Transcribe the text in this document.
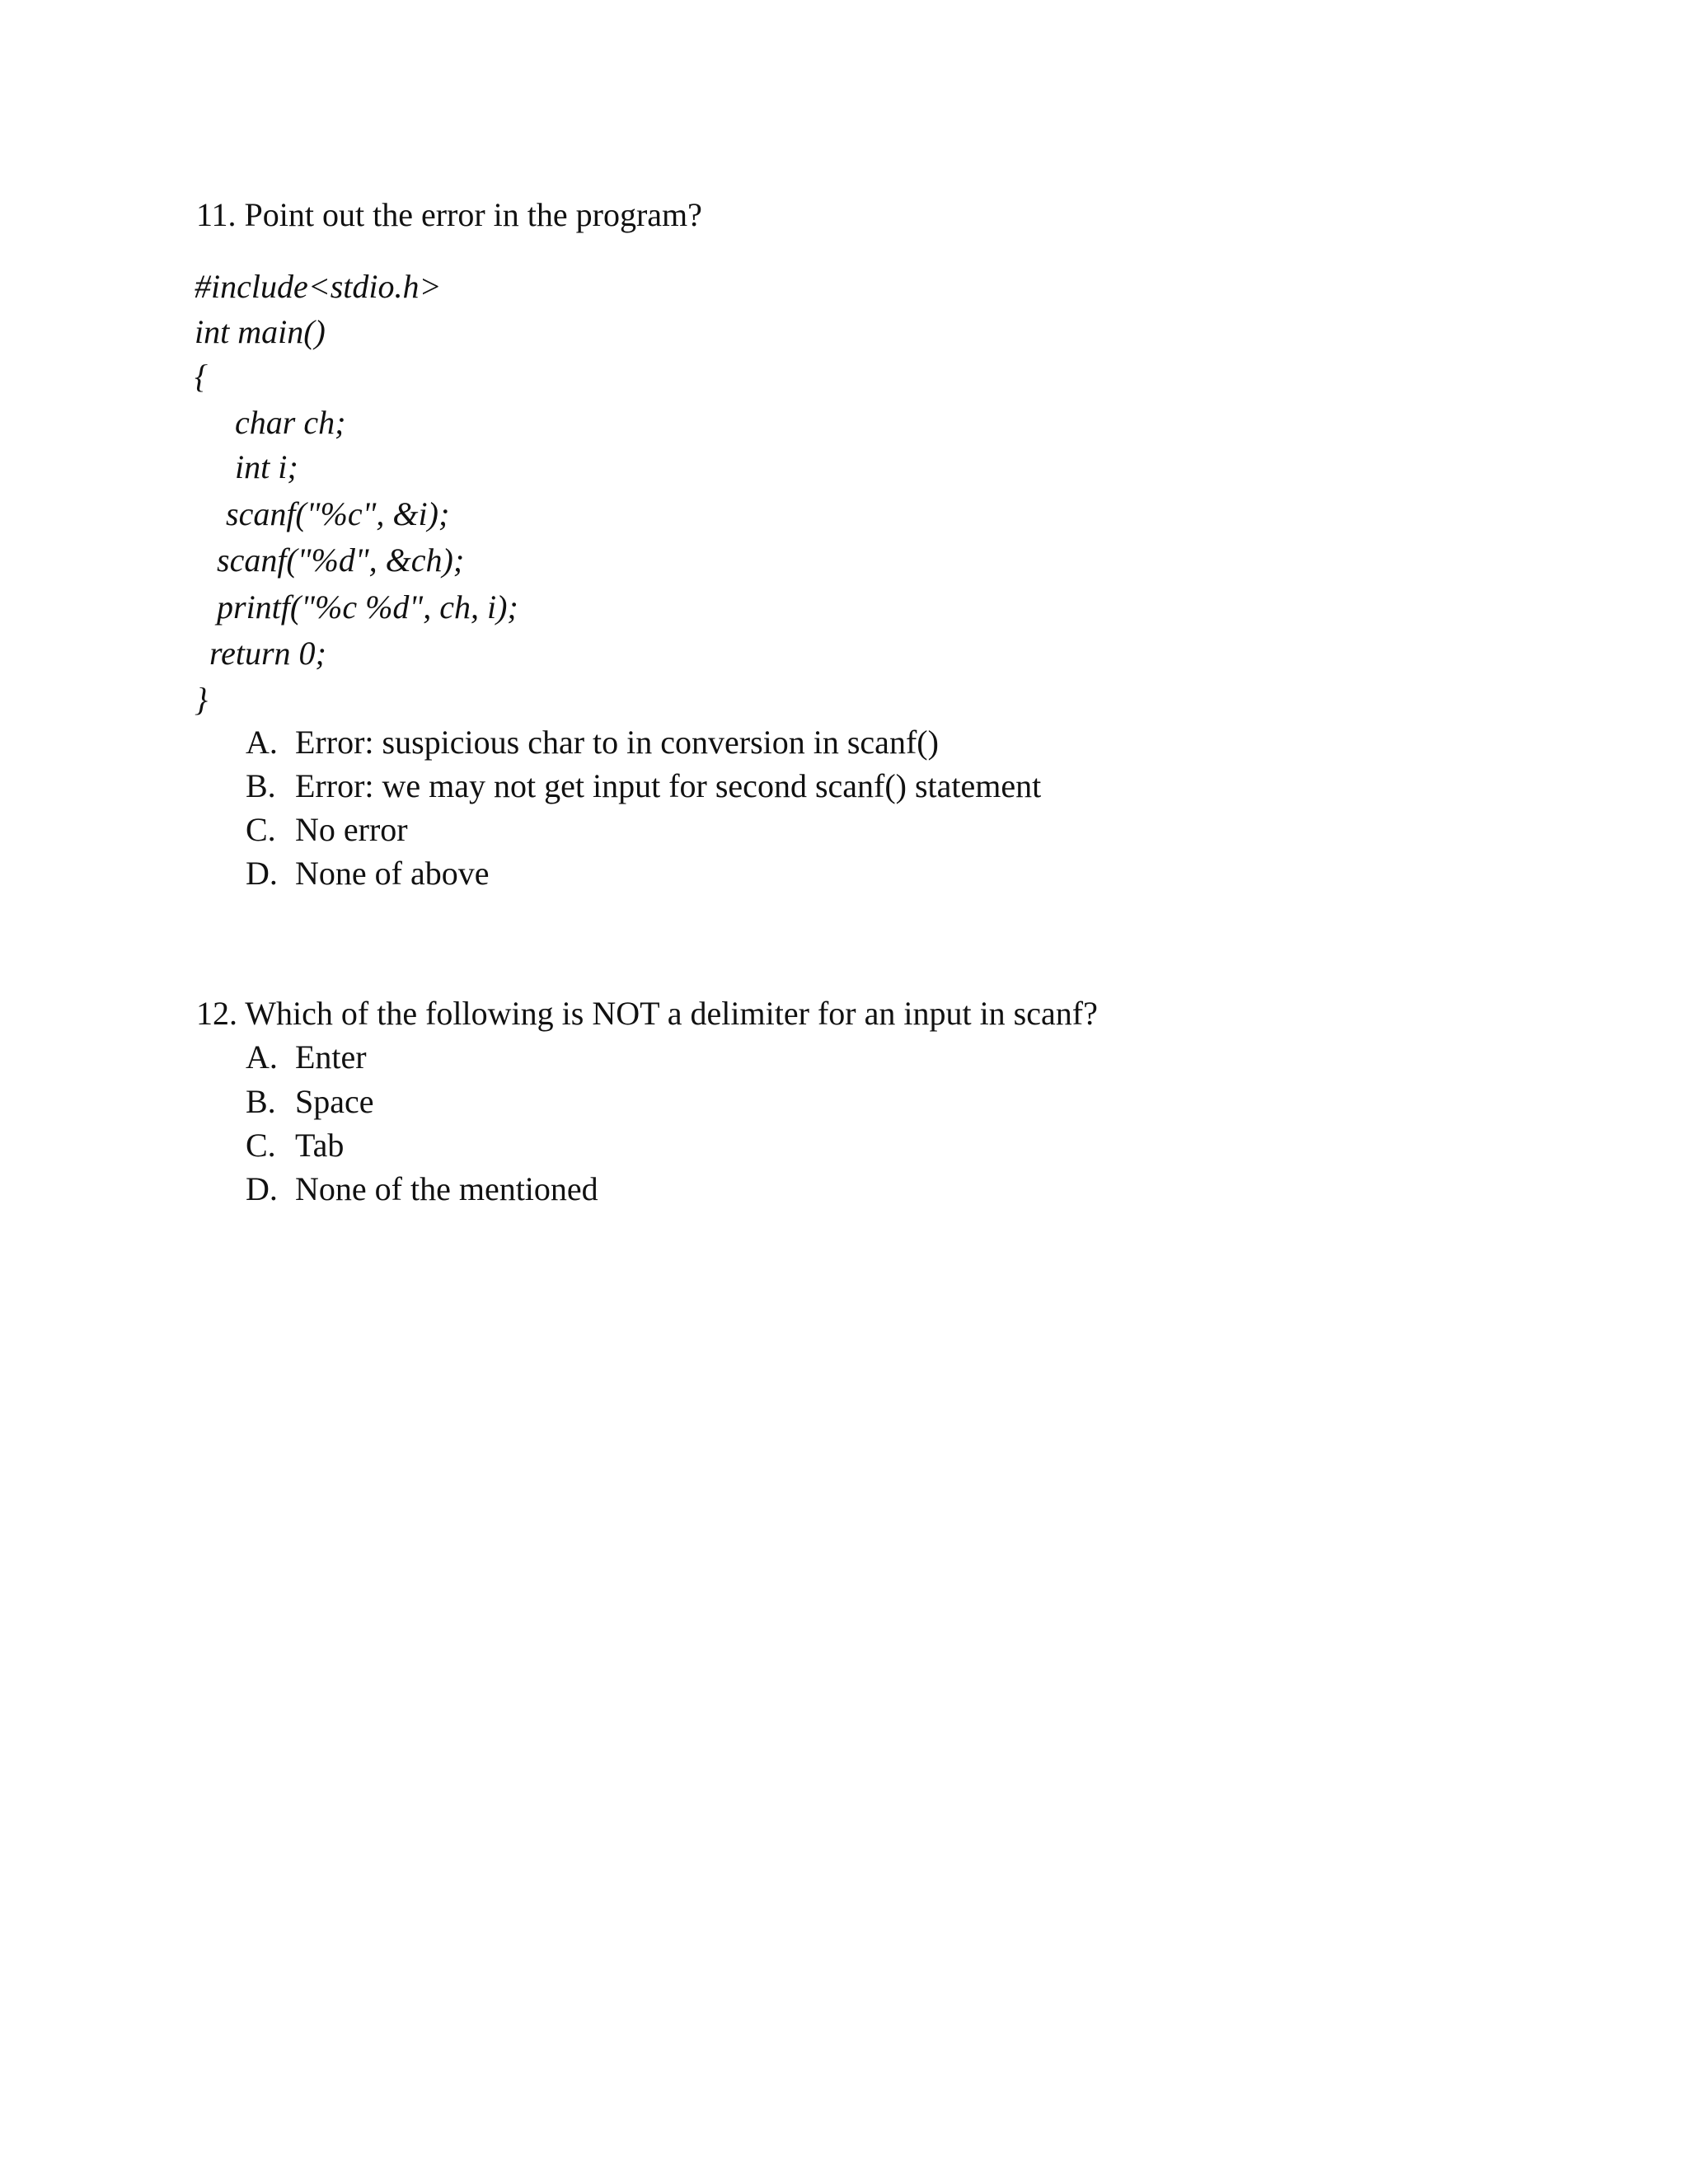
11. Point out the error in the program?
#include<stdio.h>
int main()
{
char ch;
int i;
scanf("%c", &i);
scanf("%d", &ch);
printf("%c %d", ch, i);
return 0;
}
A. Error: suspicious char to in conversion in scanf()
B. Error: we may not get input for second scanf() statement
C. No error
D. None of above
12. Which of the following is NOT a delimiter for an input in scanf?
A. Enter
B. Space
C. Tab
D. None of the mentioned
